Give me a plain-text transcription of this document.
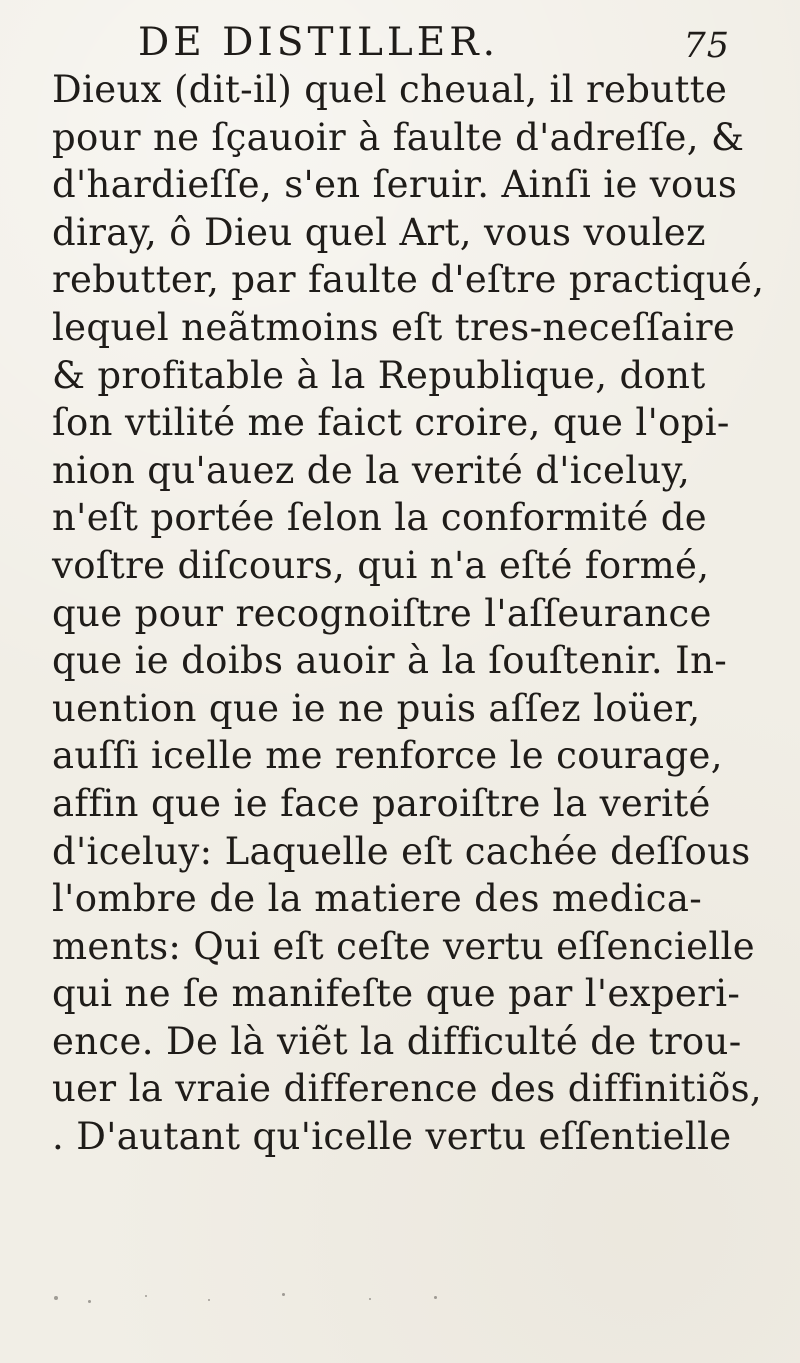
DE DISTILLER.	75
Dieux (dit-il) quel cheual, il rebutte
pour ne ſçauoir à faulte d'adreſſe, &
d'hardieſſe, s'en ſeruir. Ainſi ie vous
diray, ô Dieu quel Art, vous voulez
rebutter, par faulte d'eſtre practiqué,
lequel neãtmoins eſt tres-neceſſaire
& profitable à la Republique, dont
ſon vtilité me faict croire, que l'opi-
nion qu'auez de la verité d'iceluy,
n'eſt portée ſelon la conformité de
voſtre diſcours, qui n'a eſté formé,
que pour recognoiſtre l'aſſeurance
que ie doibs auoir à la ſouſtenir. In-
uention que ie ne puis aſſez loüer,
auſſi icelle me renforce le courage,
affin que ie face paroiſtre la verité
d'iceluy: Laquelle eſt cachée deſſous
l'ombre de la matiere des medica-
ments: Qui eſt ceſte vertu eſſencielle
qui ne ſe manifeſte que par l'experi-
ence. De là viẽt la difficulté de trou-
uer la vraie difference des diffinitiõs,
. D'autant qu'icelle vertu eſſentielle
